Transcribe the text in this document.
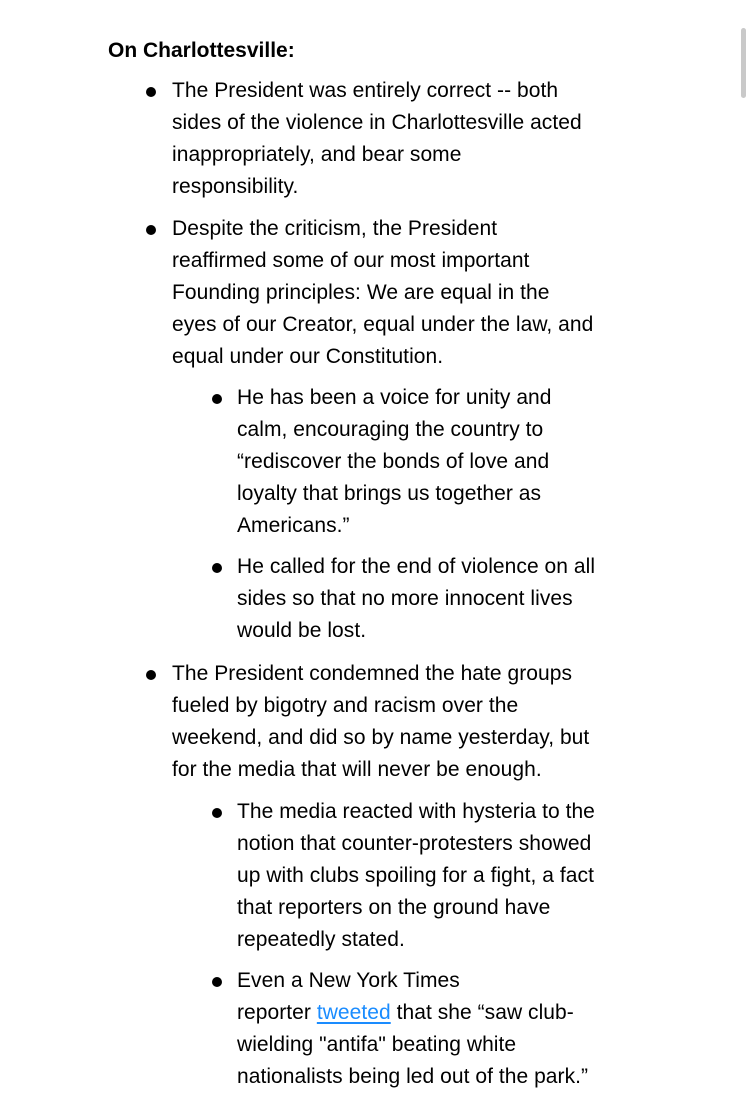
On Charlottesville:
The President was entirely correct -- both
sides of the violence in Charlottesville acted
inappropriately, and bear some
responsibility.
Despite the criticism, the President
reaffirmed some of our most important
Founding principles: We are equal in the
eyes of our Creator, equal under the law, and
equal under our Constitution.
He has been a voice for unity and
calm, encouraging the country to
“rediscover the bonds of love and
loyalty that brings us together as
Americans.”
He called for the end of violence on all
sides so that no more innocent lives
would be lost.
The President condemned the hate groups
fueled by bigotry and racism over the
weekend, and did so by name yesterday, but
for the media that will never be enough.
The media reacted with hysteria to the
notion that counter-protesters showed
up with clubs spoiling for a fight, a fact
that reporters on the ground have
repeatedly stated.
Even a New York Times
reporter tweeted that she “saw club-
wielding "antifa" beating white
nationalists being led out of the park.”
